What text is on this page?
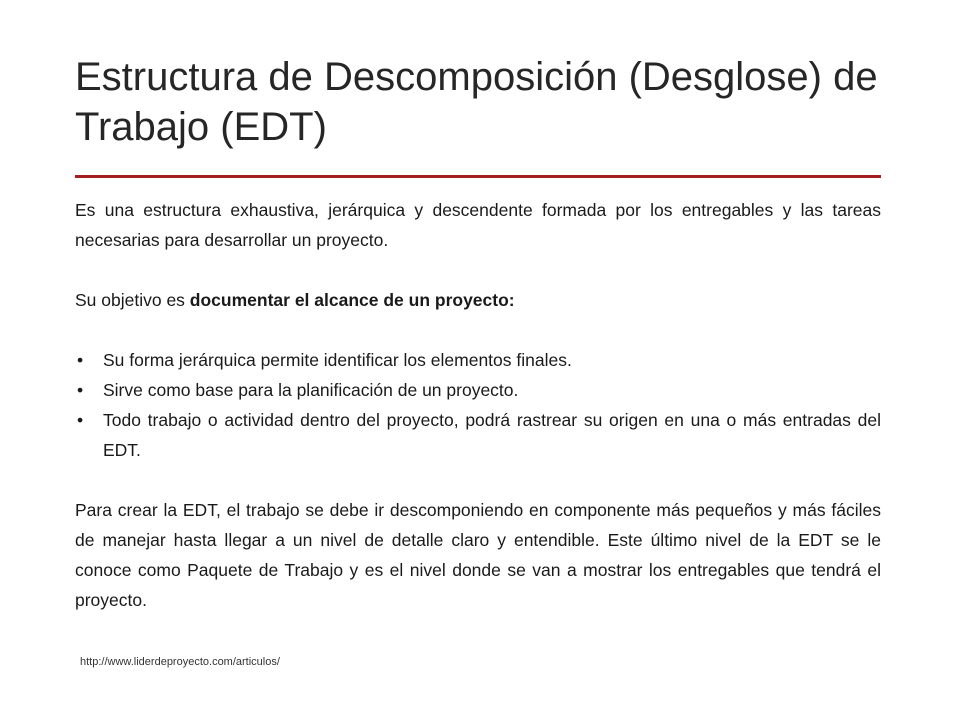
Estructura de Descomposición (Desglose) de Trabajo (EDT)

Es una estructura exhaustiva, jerárquica y descendente formada por los entregables y las tareas necesarias para desarrollar un proyecto.

Su objetivo es documentar el alcance de un proyecto:

• Su forma jerárquica permite identificar los elementos finales.
• Sirve como base para la planificación de un proyecto.
• Todo trabajo o actividad dentro del proyecto, podrá rastrear su origen en una o más entradas del EDT.

Para crear la EDT, el trabajo se debe ir descomponiendo en componente más pequeños y más fáciles de manejar hasta llegar a un nivel de detalle claro y entendible. Este último nivel de la EDT se le conoce como Paquete de Trabajo y es el nivel donde se van a mostrar los entregables que tendrá el proyecto.

http://www.liderdeproyecto.com/articulos/
